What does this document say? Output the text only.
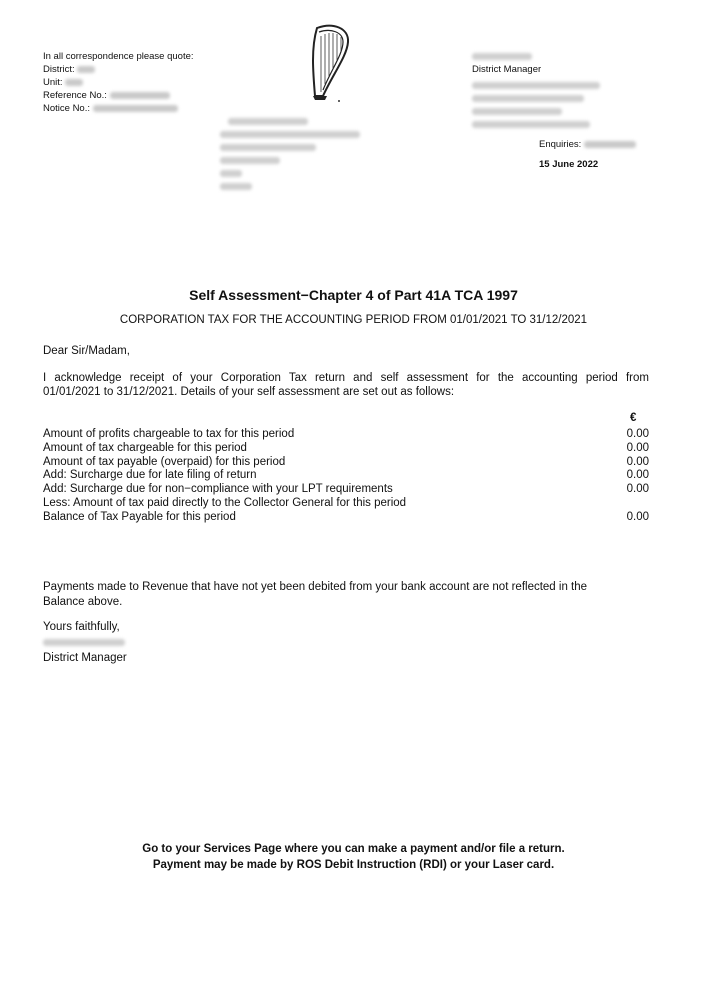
In all correspondence please quote:
District:
Unit:
Reference No.:
Notice No.:
District Manager
Enquiries:
15 June 2022
Self Assessment−Chapter 4 of Part 41A TCA 1997
CORPORATION TAX FOR THE ACCOUNTING PERIOD FROM 01/01/2021 TO 31/12/2021
Dear Sir/Madam,
I acknowledge receipt of your Corporation Tax return and self assessment for the accounting period from
01/01/2021 to 31/12/2021. Details of your self assessment are set out as follows:
€
Amount of profits chargeable to tax for this period	0.00
Amount of tax chargeable for this period	0.00
Amount of tax payable (overpaid) for this period	0.00
Add: Surcharge due for late filing of return	0.00
Add: Surcharge due for non−compliance with your LPT requirements	0.00
Less: Amount of tax paid directly to the Collector General for this period
Balance of Tax Payable for this period	0.00
Payments made to Revenue that have not yet been debited from your bank account are not reflected in the
Balance above.
Yours faithfully,
District Manager
Go to your Services Page where you can make a payment and/or file a return.
Payment may be made by ROS Debit Instruction (RDI) or your Laser card.
